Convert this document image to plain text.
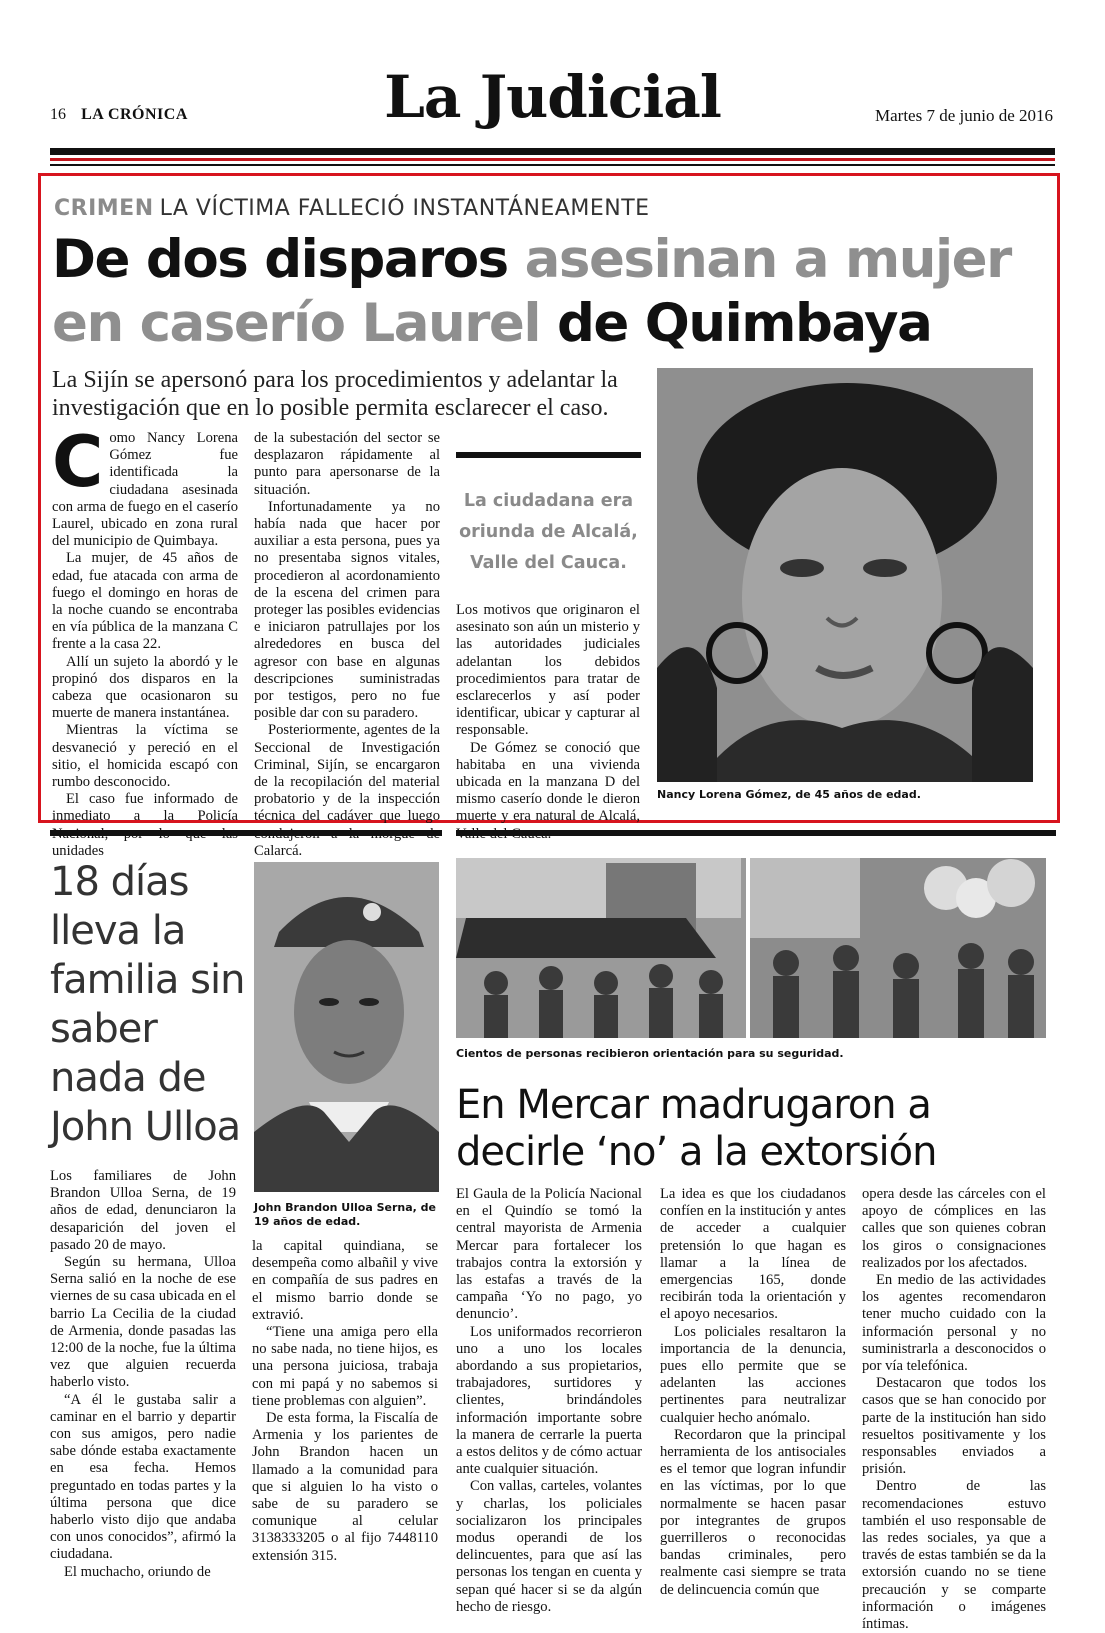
16 LA CRÓNICA	La Judicial	Martes 7 de junio de 2016
CRIMEN LA VÍCTIMA FALLECIÓ INSTANTÁNEAMENTE
De dos disparos asesinan a mujer
en caserío Laurel de Quimbaya
La Sijín se apersonó para los procedimientos y adelantar la investigación que en lo posible permita esclarecer el caso.

Como Nancy Lorena Gómez fue identificada la ciudadana asesinada con arma de fuego en el caserío Laurel, ubicado en zona rural del municipio de Quimbaya.

La mujer, de 45 años de edad, fue atacada con arma de fuego el domingo en horas de la noche cuando se encontraba en vía pública de la manzana C frente a la casa 22.

Allí un sujeto la abordó y le propinó dos disparos en la cabeza que ocasionaron su muerte de manera instantánea.

Mientras la víctima se desvaneció y pereció en el sitio, el homicida escapó con rumbo desconocido.

El caso fue informado de inmediato a la Policía unidades

de la subestación del sector se desplazaron rápidamente al punto para apersonarse de la situación.

Infortunadamente ya no había nada que hacer por auxiliar a esta persona, pues ya no presentaba signos vitales, procedieron al acordonamiento de la escena del crimen para proteger las posibles evidencias e iniciaron patrullajes por los alrededores en busca del agresor con base en algunas descripciones suministradas por testigos, pero no fue posible dar con su paradero.

Posteriormente, agentes de la Seccional de Investigación Criminal, Sijín, se encargaron de la recopilación del material probatorio y de la inspección técnica del cadáver que luego Calarcá.

La ciudadana era oriunda de Alcalá, Valle del Cauca.

Los motivos que originaron el asesinato son aún un misterio y las autoridades judiciales adelantan los debidos procedimientos para tratar de esclarecerlos y así poder identificar, ubicar y capturar al responsable.

De Gómez se conoció que habitaba en una vivienda ubicada en la manzana D del mismo caserío donde le dieron muerte y era natural de Alcalá,

Nancy Lorena Gómez, de 45 años de edad.
18 días lleva la familia sin saber nada de John Ulloa
John Brandon Ulloa Serna, de 19 años de edad.

Los familiares de John Brandon Ulloa Serna, de 19 años de edad, denunciaron la desaparición del joven el pasado 20 de mayo.

Según su hermana, Ulloa Serna salió en la noche de ese viernes de su casa ubicada en el barrio La Cecilia de la ciudad de Armenia, donde pasadas las 12:00 de la noche, fue la última vez que alguien recuerda haberlo visto.

“A él le gustaba salir a caminar en el barrio y departir con sus amigos, pero nadie sabe dónde estaba exactamente en esa fecha. Hemos preguntado en todas partes y la última persona que dice haberlo visto dijo que andaba con unos conocidos”, afirmó la ciudadana.

El muchacho, oriundo de

la capital quindiana, se desempeña como albañil y vive en compañía de sus padres en el mismo barrio donde se extravió.

“Tiene una amiga pero ella no sabe nada, no tiene hijos, es una persona juiciosa, trabaja con mi papá y no sabemos si tiene problemas con alguien”.

De esta forma, la Fiscalía de Armenia y los parientes de John Brandon hacen un llamado a la comunidad para que si alguien lo ha visto o sabe de su paradero se comunique al celular 3138333205 o al fijo 7448110 extensión 315.

Cientos de personas recibieron orientación para su seguridad.
En Mercar madrugaron a decirle ‘no’ a la extorsión

El Gaula de la Policía Nacional en el Quindío se tomó la central mayorista de Armenia Mercar para fortalecer los trabajos contra la extorsión y las estafas a través de la campaña ‘Yo no pago, yo denuncio’.

Los uniformados recorrieron uno a uno los locales abordando a sus propietarios, trabajadores, surtidores y clientes, brindándoles información importante sobre la manera de cerrarle la puerta a estos delitos y de cómo actuar ante cualquier situación.

Con vallas, carteles, volantes y charlas, los policiales socializaron los principales modus operandi de los delincuentes, para que así las personas los tengan en cuenta y sepan qué hacer si se da algún hecho de riesgo.

La idea es que los ciudadanos confíen en la institución y antes de acceder a cualquier pretensión lo que hagan es llamar a la línea de emergencias 165, donde recibirán toda la orientación y el apoyo necesarios.

Los policiales resaltaron la importancia de la denuncia, pues ello permite que se adelanten las acciones pertinentes para neutralizar cualquier hecho anómalo.

Recordaron que la principal herramienta de los antisociales es el temor que logran infundir en las víctimas, por lo que normalmente se hacen pasar por integrantes de grupos guerrilleros o reconocidas bandas criminales, pero realmente casi siempre se trata de delincuencia común que

opera desde las cárceles con el apoyo de cómplices en las calles que son quienes cobran los giros o consignaciones realizados por los afectados.

En medio de las actividades los agentes recomendaron tener mucho cuidado con la información personal y no suministrarla a desconocidos o por vía telefónica.

Destacaron que todos los casos que se han conocido por parte de la institución han sido resueltos positivamente y los responsables enviados a prisión.

Dentro de las recomendaciones estuvo también el uso responsable de las redes sociales, ya que a través de estas también se da la extorsión cuando no se tiene precaución y se comparte información o imágenes íntimas.
